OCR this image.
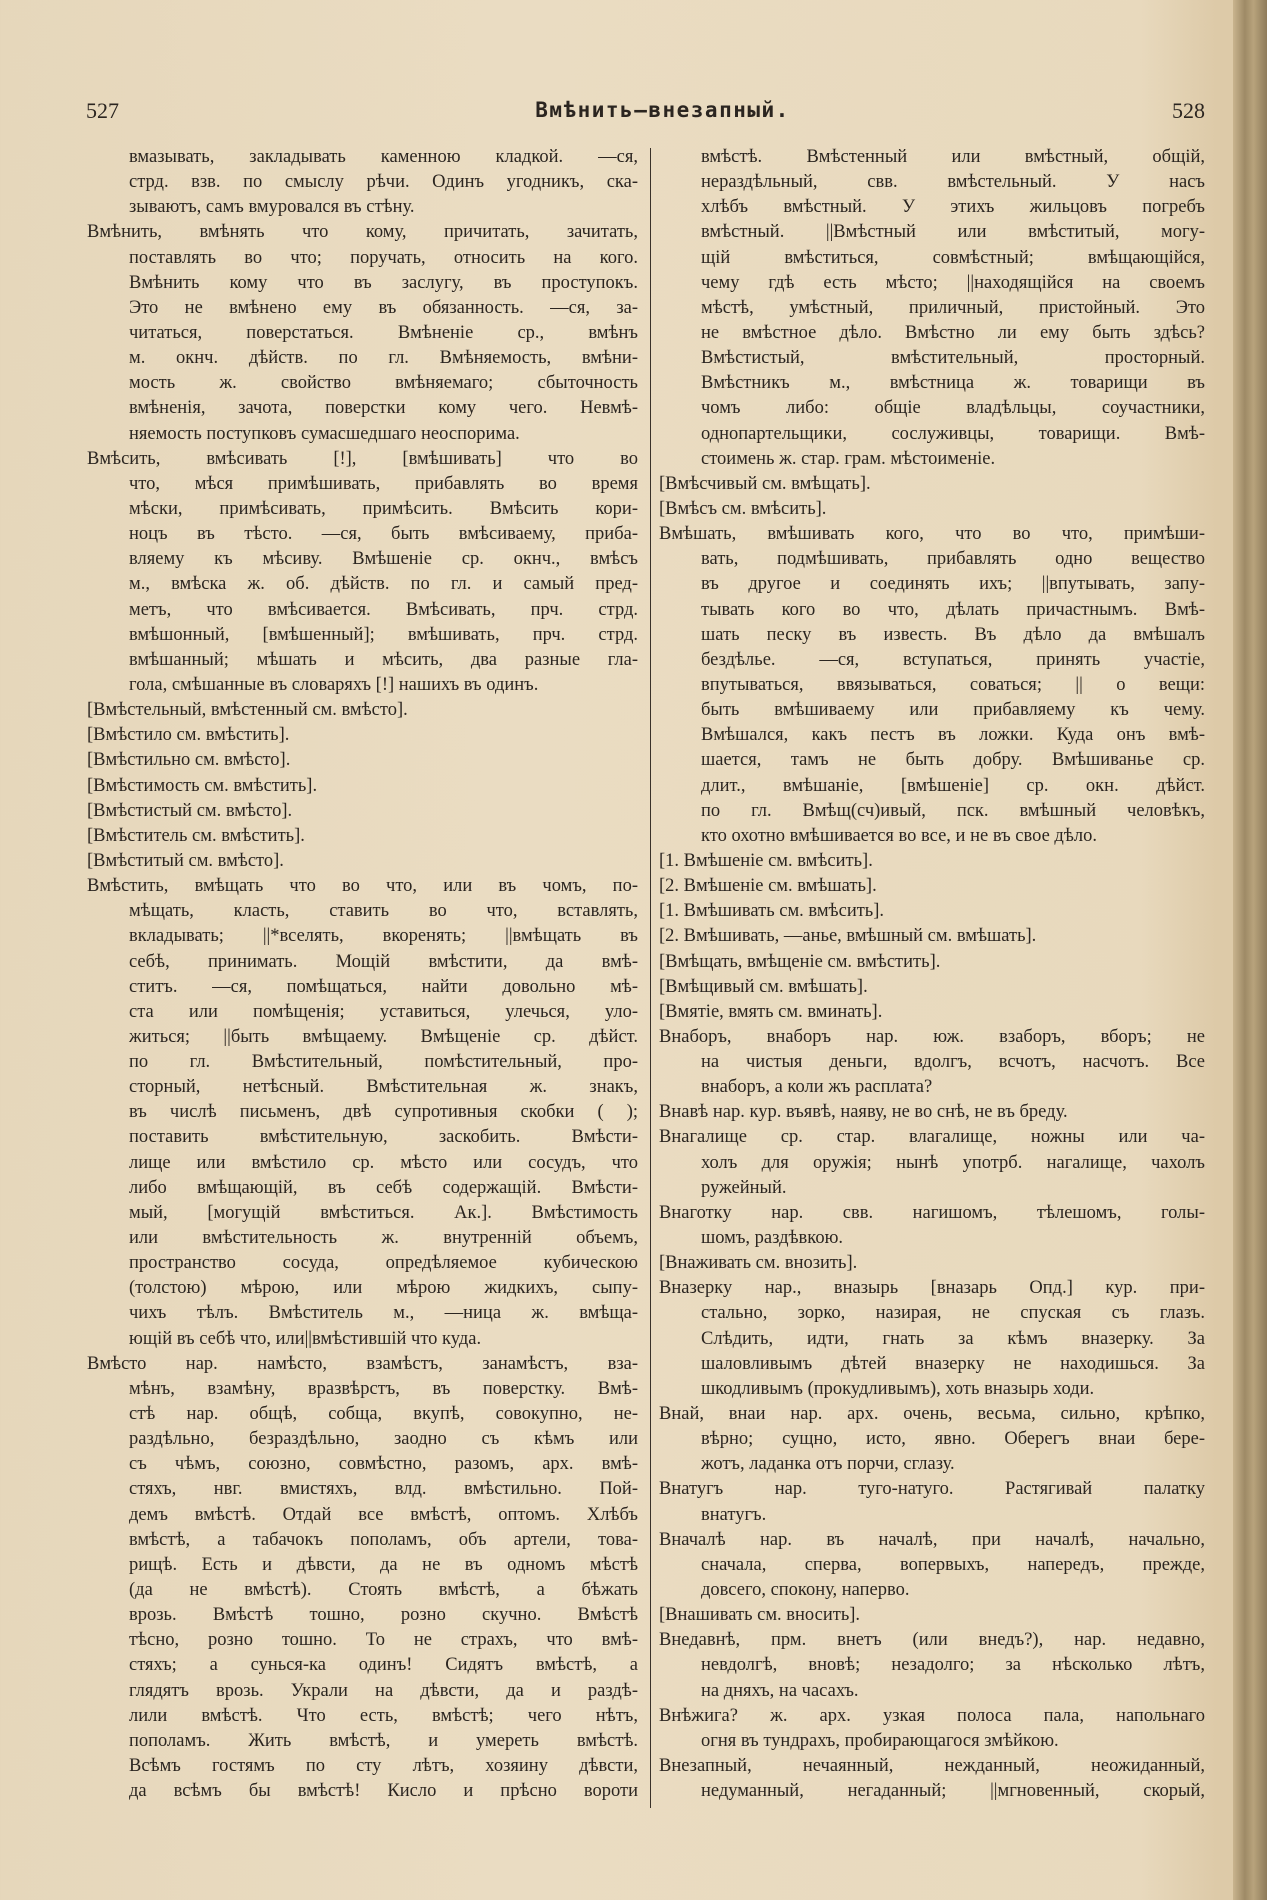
527	Вмѣнить—внезапный.	528
вмазывать, закладывать каменною кладкой. —ся,
стрд. взв. по смыслу рѣчи. Одинъ угодникъ, ска-
зываютъ, самъ вмуровался въ стѣну.
Вмѣнить, вмѣнять что кому, причитать, зачитать,
поставлять во что; поручать, относить на кого.
Вмѣнить кому что въ заслугу, въ проступокъ.
Это не вмѣнено ему въ обязанность. —ся, за-
читаться, поверстаться. Вмѣненіе ср., вмѣнъ
м. окнч. дѣйств. по гл. Вмѣняемость, вмѣни-
мость ж. свойство вмѣняемаго; сбыточность
вмѣненія, зачота, поверстки кому чего. Невмѣ-
няемость поступковъ сумасшедшаго неоспорима.
Вмѣсить, вмѣсивать [!], [вмѣшивать] что во
что, мѣся примѣшивать, прибавлять во время
мѣски, примѣсивать, примѣсить. Вмѣсить кори-
ноцъ въ тѣсто. —ся, быть вмѣсиваему, приба-
вляему къ мѣсиву. Вмѣшеніе ср. окнч., вмѣсъ
м., вмѣска ж. об. дѣйств. по гл. и самый пред-
метъ, что вмѣсивается. Вмѣсивать, прч. стрд.
вмѣшонный, [вмѣшенный]; вмѣшивать, прч. стрд.
вмѣшанный; мѣшать и мѣсить, два разные гла-
гола, смѣшанные въ словаряхъ [!] нашихъ въ одинъ.
[Вмѣстельный, вмѣстенный см. вмѣсто].
[Вмѣстило см. вмѣстить].
[Вмѣстильно см. вмѣсто].
[Вмѣстимость см. вмѣстить].
[Вмѣстистый см. вмѣсто].
[Вмѣститель см. вмѣстить].
[Вмѣститый см. вмѣсто].
Вмѣстить, вмѣщать что во что, или въ чомъ, по-
мѣщать, класть, ставить во что, вставлять,
вкладывать; ||*вселять, вкоренять; ||вмѣщать въ
себѣ, принимать. Мощій вмѣстити, да вмѣ-
ститъ. —ся, помѣщаться, найти довольно мѣ-
ста или помѣщенія; уставиться, улечься, уло-
житься; ||быть вмѣщаему. Вмѣщеніе ср. дѣйст.
по гл. Вмѣстительный, помѣстительный, про-
сторный, нетѣсный. Вмѣстительная ж. знакъ,
въ числѣ письменъ, двѣ супротивныя скобки ( );
поставить вмѣстительную, заскобить. Вмѣсти-
лище или вмѣстило ср. мѣсто или сосудъ, что
либо вмѣщающій, въ себѣ содержащій. Вмѣсти-
мый, [могущій вмѣститься. Ак.]. Вмѣстимость
или вмѣстительность ж. внутренній объемъ,
пространство сосуда, опредѣляемое кубическою
(толстою) мѣрою, или мѣрою жидкихъ, сыпу-
чихъ тѣлъ. Вмѣститель м., —ница ж. вмѣща-
ющій въ себѣ что, или||вмѣстившій что куда.
Вмѣсто нар. намѣсто, взамѣстъ, занамѣстъ, вза-
мѣнъ, взамѣну, вразвѣрстъ, въ поверстку. Вмѣ-
стѣ нар. общѣ, собща, вкупѣ, совокупно, не-
раздѣльно, безраздѣльно, заодно съ кѣмъ или
съ чѣмъ, союзно, совмѣстно, разомъ, арх. вмѣ-
стяхъ, нвг. вмистяхъ, влд. вмѣстильно. Пой-
демъ вмѣстѣ. Отдай все вмѣстѣ, оптомъ. Хлѣбъ
вмѣстѣ, а табачокъ пополамъ, объ артели, това-
рищѣ. Есть и дѣвсти, да не въ одномъ мѣстѣ
(да не вмѣстѣ). Стоять вмѣстѣ, а бѣжать
врозь. Вмѣстѣ тошно, розно скучно. Вмѣстѣ
тѣсно, розно тошно. То не страхъ, что вмѣ-
стяхъ; а сунься-ка одинъ! Сидятъ вмѣстѣ, а
глядятъ врозь. Украли на дѣвсти, да и раздѣ-
лили вмѣстѣ. Что есть, вмѣстѣ; чего нѣтъ,
пополамъ. Жить вмѣстѣ, и умереть вмѣстѣ.
Всѣмъ гостямъ по сту лѣтъ, хозяину дѣвсти,
да всѣмъ бы вмѣстѣ! Кисло и прѣсно вороти
вмѣстѣ. Вмѣстенный или вмѣстный, общій,
нераздѣльный, свв. вмѣстельный. У насъ
хлѣбъ вмѣстный. У этихъ жильцовъ погребъ
вмѣстный. ||Вмѣстный или вмѣститый, могу-
щій вмѣститься, совмѣстный; вмѣщающійся,
чему гдѣ есть мѣсто; ||находящійся на своемъ
мѣстѣ, умѣстный, приличный, пристойный. Это
не вмѣстное дѣло. Вмѣстно ли ему быть здѣсь?
Вмѣстистый, вмѣстительный, просторный.
Вмѣстникъ м., вмѣстница ж. товарищи въ
чомъ либо: общіе владѣльцы, соучастники,
однопартельщики, сослуживцы, товарищи. Вмѣ-
стоимень ж. стар. грам. мѣстоименіе.
[Вмѣсчивый см. вмѣщать].
[Вмѣсъ см. вмѣсить].
Вмѣшать, вмѣшивать кого, что во что, примѣши-
вать, подмѣшивать, прибавлять одно вещество
въ другое и соединять ихъ; ||впутывать, запу-
тывать кого во что, дѣлать причастнымъ. Вмѣ-
шать песку въ известь. Въ дѣло да вмѣшалъ
бездѣлье. —ся, вступаться, принять участіе,
впутываться, ввязываться, соваться; || о вещи:
быть вмѣшиваему или прибавляему къ чему.
Вмѣшался, какъ пестъ въ ложки. Куда онъ вмѣ-
шается, тамъ не быть добру. Вмѣшиванье ср.
длит., вмѣшаніе, [вмѣшеніе] ср. окн. дѣйст.
по гл. Вмѣщ(сч)ивый, пск. вмѣшный человѣкъ,
кто охотно вмѣшивается во все, и не въ свое дѣло.
[1. Вмѣшеніе см. вмѣсить].
[2. Вмѣшеніе см. вмѣшать].
[1. Вмѣшивать см. вмѣсить].
[2. Вмѣшивать, —анье, вмѣшный см. вмѣшать].
[Вмѣщать, вмѣщеніе см. вмѣстить].
[Вмѣщивый см. вмѣшать].
[Вмятіе, вмять см. вминать].
Внаборъ, внаборъ нар. юж. взаборъ, вборъ; не
на чистыя деньги, вдолгъ, всчотъ, насчотъ. Все
внаборъ, а коли жъ расплата?
Внавѣ нар. кур. въявѣ, наяву, не во снѣ, не въ бреду.
Внагалище ср. стар. влагалище, ножны или ча-
холъ для оружія; нынѣ употрб. нагалище, чахолъ
ружейный.
Внаготку нар. свв. нагишомъ, тѣлешомъ, голы-
шомъ, раздѣвкою.
[Внаживать см. внозить].
Вназерку нар., вназырь [вназарь Опд.] кур. при-
стально, зорко, назирая, не спуская съ глазъ.
Слѣдить, идти, гнать за кѣмъ вназерку. За
шаловливымъ дѣтей вназерку не находишься. За
шкодливымъ (прокудливымъ), хоть вназырь ходи.
Внай, внаи нар. арх. очень, весьма, сильно, крѣпко,
вѣрно; сущно, исто, явно. Оберегъ внаи бере-
жотъ, ладанка отъ порчи, сглазу.
Внатугъ нар. туго-натуго. Растягивай палатку
внатугъ.
Вначалѣ нар. въ началѣ, при началѣ, начально,
сначала, сперва, вопервыхъ, напередъ, прежде,
довсего, спокону, наперво.
[Внашивать см. вносить].
Внедавнѣ, прм. внетъ (или внедъ?), нар. недавно,
невдолгѣ, вновѣ; незадолго; за нѣсколько лѣтъ,
на дняхъ, на часахъ.
Внѣжига? ж. арх. узкая полоса пала, напольнаго
огня въ тундрахъ, пробирающагося змѣйкою.
Внезапный, нечаянный, нежданный, неожиданный,
недуманный, негаданный; ||мгновенный, скорый,
